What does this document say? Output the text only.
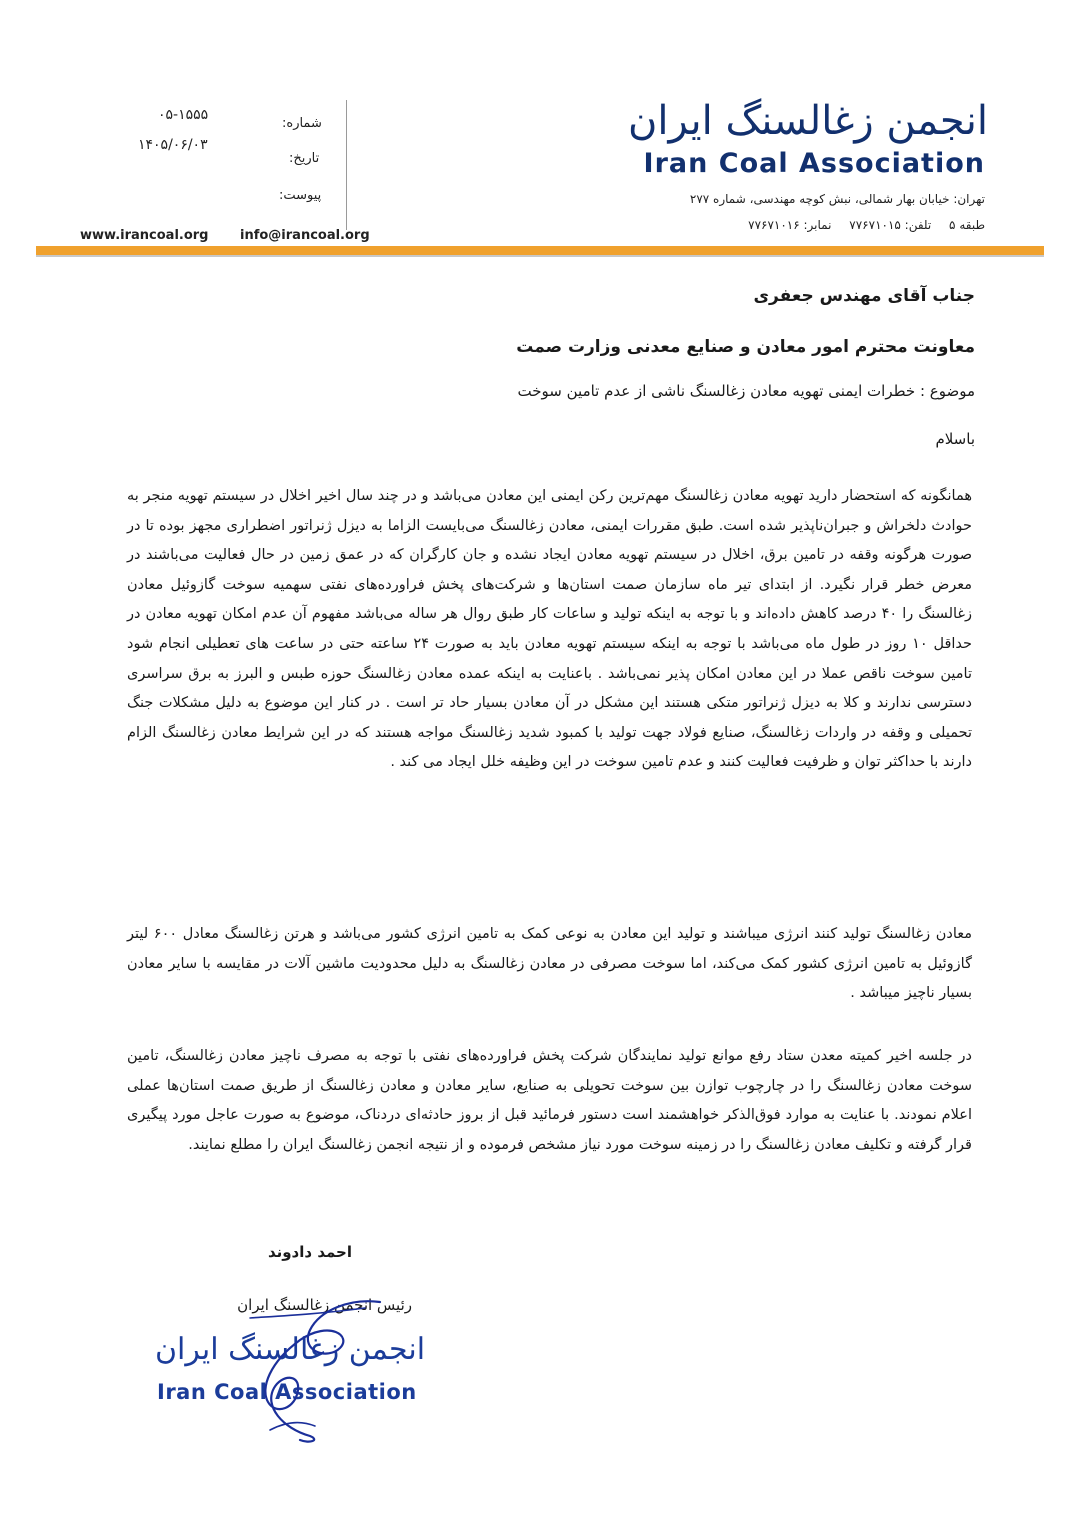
انجمن زغالسنگ ایران
Iran Coal Association
تهران: خیابان بهار شمالی، نبش کوچه مهندسی، شماره ۲۷۷
طبقه ۵ تلفن: ۷۷۶۷۱۰۱۵ نمابر: ۷۷۶۷۱۰۱۶
شماره:
۰۵-۱۵۵۵
تاریخ:
۱۴۰۵/۰۶/۰۳
پیوست:
www.irancoal.org info@irancoal.org
جناب آقای مهندس جعفری
معاونت محترم امور معادن و صنایع معدنی وزارت صمت
موضوع : خطرات ایمنی تهویه معادن زغالسنگ ناشی از عدم تامین سوخت
باسلام
همانگونه که استحضار دارید تهویه معادن زغالسنگ مهم‌ترین رکن ایمنی این معادن می‌باشد و در چند سال اخیر اخلال در سیستم تهویه منجر به حوادث دلخراش و جبران‌ناپذیر شده است. طبق مقررات ایمنی، معادن زغالسنگ می‌بایست الزاما به دیزل ژنراتور اضطراری مجهز بوده تا در صورت هرگونه وقفه در تامین برق، اخلال در سیستم تهویه معادن ایجاد نشده و جان کارگران که در عمق زمین در حال فعالیت می‌باشند در معرض خطر قرار نگیرد. از ابتدای تیر ماه سازمان صمت استان‌ها و شرکت‌های پخش فراورده‌های نفتی سهمیه سوخت گازوئیل معادن زغالسنگ را ۴۰ درصد کاهش داده‌اند و با توجه به اینکه تولید و ساعات کار طبق روال هر ساله می‌باشد مفهوم آن عدم امکان تهویه معادن در حداقل ۱۰ روز در طول ماه می‌باشد با توجه به اینکه سیستم تهویه معادن باید به صورت ۲۴ ساعته حتی در ساعت های تعطیلی انجام شود تامین سوخت ناقص عملا در این معادن امکان پذیر نمی‌باشد . باعنایت به اینکه عمده معادن زغالسنگ حوزه طبس و البرز به برق سراسری دسترسی ندارند و کلا به دیزل ژنراتور متکی هستند این مشکل در آن معادن بسیار حاد تر است . در کنار این موضوع به دلیل مشکلات جنگ تحمیلی و وقفه در واردات زغالسنگ، صنایع فولاد جهت تولید با کمبود شدید زغالسنگ مواجه هستند که در این شرایط معادن زغالسنگ الزام دارند با حداکثر توان و ظرفیت فعالیت کنند و عدم تامین سوخت در این وظیفه خلل ایجاد می کند .
معادن زغالسنگ تولید کنند انرژی میباشند و تولید این معادن به نوعی کمک به تامین انرژی کشور می‌باشد و هرتن زغالسنگ معادل ۶۰۰ لیتر گازوئیل به تامین انرژی کشور کمک می‌کند، اما سوخت مصرفی در معادن زغالسنگ به دلیل محدودیت ماشین آلات در مقایسه با سایر معادن بسیار ناچیز میباشد .
در جلسه اخیر کمیته معدن ستاد رفع موانع تولید نمایندگان شرکت پخش فراورده‌های نفتی با توجه به مصرف ناچیز معادن زغالسنگ، تامین سوخت معادن زغالسنگ را در چارچوب توازن بین سوخت تحویلی به صنایع، سایر معادن و معادن زغالسنگ از طریق صمت استان‌ها عملی اعلام نمودند. با عنایت به موارد فوق‌الذکر خواهشمند است دستور فرمائید قبل از بروز حادثه‌ای دردناک، موضوع به صورت عاجل مورد پیگیری قرار گرفته و تکلیف معادن زغالسنگ را در زمینه سوخت مورد نیاز مشخص فرموده و از نتیجه انجمن زغالسنگ ایران را مطلع نمایند.
احمد دادوند
رئیس انجمن زغالسنگ ایران
انجمن زغالسنگ ایران
Iran Coal Association
